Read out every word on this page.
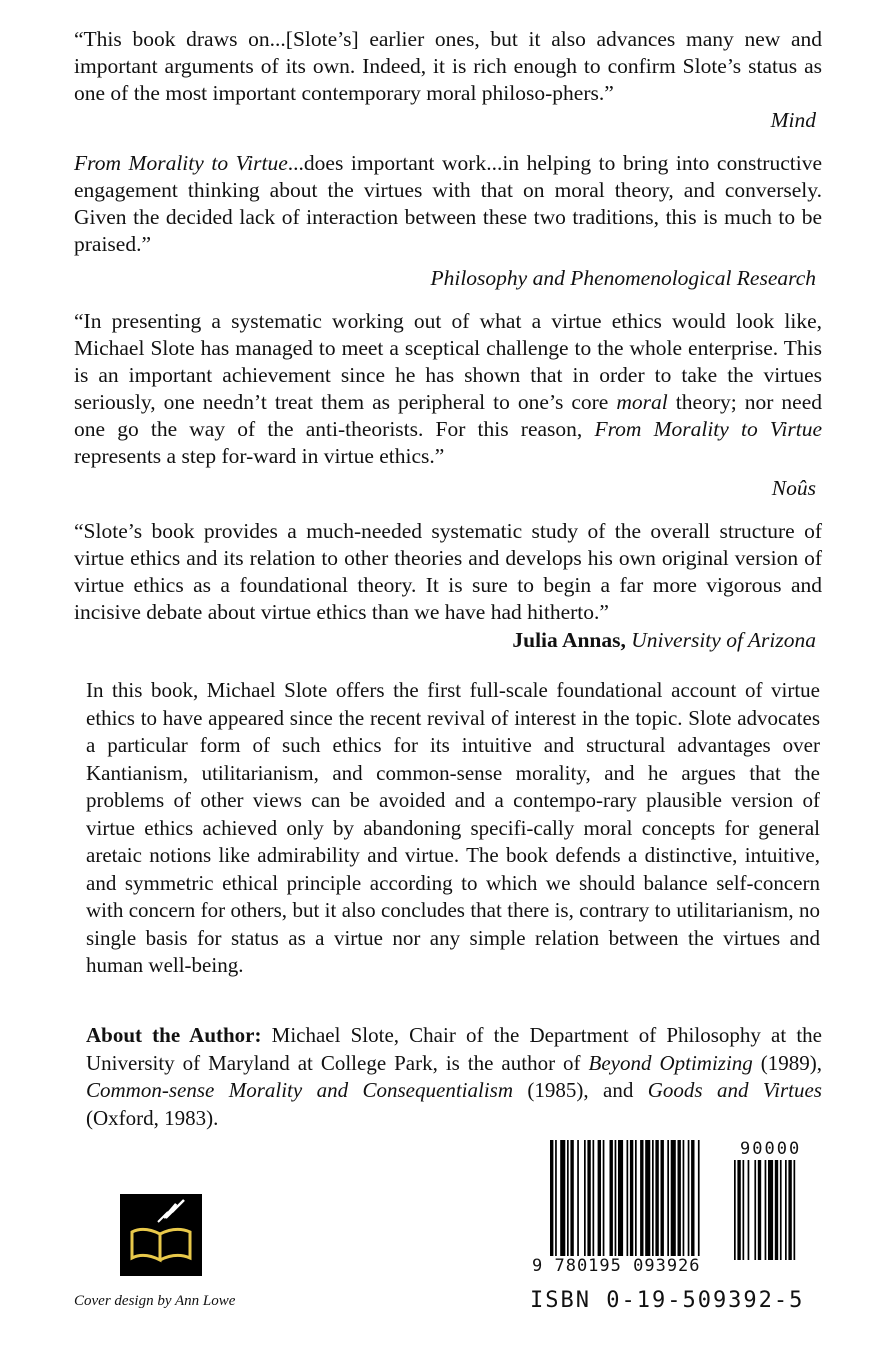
“This book draws on...[Slote’s] earlier ones, but it also advances many new and important arguments of its own. Indeed, it is rich enough to confirm Slote’s status as one of the most important contemporary moral philoso-phers.”
Mind
From Morality to Virtue...does important work...in helping to bring into constructive engagement thinking about the virtues with that on moral theory, and conversely. Given the decided lack of interaction between these two traditions, this is much to be praised.”
Philosophy and Phenomenological Research
“In presenting a systematic working out of what a virtue ethics would look like, Michael Slote has managed to meet a sceptical challenge to the whole enterprise. This is an important achievement since he has shown that in order to take the virtues seriously, one needn’t treat them as peripheral to one’s core moral theory; nor need one go the way of the anti-theorists. For this reason, From Morality to Virtue represents a step for-ward in virtue ethics.”
Noûs
“Slote’s book provides a much-needed systematic study of the overall structure of virtue ethics and its relation to other theories and develops his own original version of virtue ethics as a foundational theory. It is sure to begin a far more vigorous and incisive debate about virtue ethics than we have had hitherto.”
Julia Annas, University of Arizona
In this book, Michael Slote offers the first full-scale foundational account of virtue ethics to have appeared since the recent revival of interest in the topic. Slote advocates a particular form of such ethics for its intuitive and structural advantages over Kantianism, utilitarianism, and common-sense morality, and he argues that the problems of other views can be avoided and a contempo-rary plausible version of virtue ethics achieved only by abandoning specifi-cally moral concepts for general aretaic notions like admirability and virtue. The book defends a distinctive, intuitive, and symmetric ethical principle according to which we should balance self-concern with concern for others, but it also concludes that there is, contrary to utilitarianism, no single basis for status as a virtue nor any simple relation between the virtues and human well-being.
About the Author: Michael Slote, Chair of the Department of Philosophy at the University of Maryland at College Park, is the author of Beyond Optimizing (1989), Common-sense Morality and Consequentialism (1985), and Goods and Virtues (Oxford, 1983).
Cover design by Ann Lowe
90000
9 780195 093926
ISBN 0-19-509392-5
